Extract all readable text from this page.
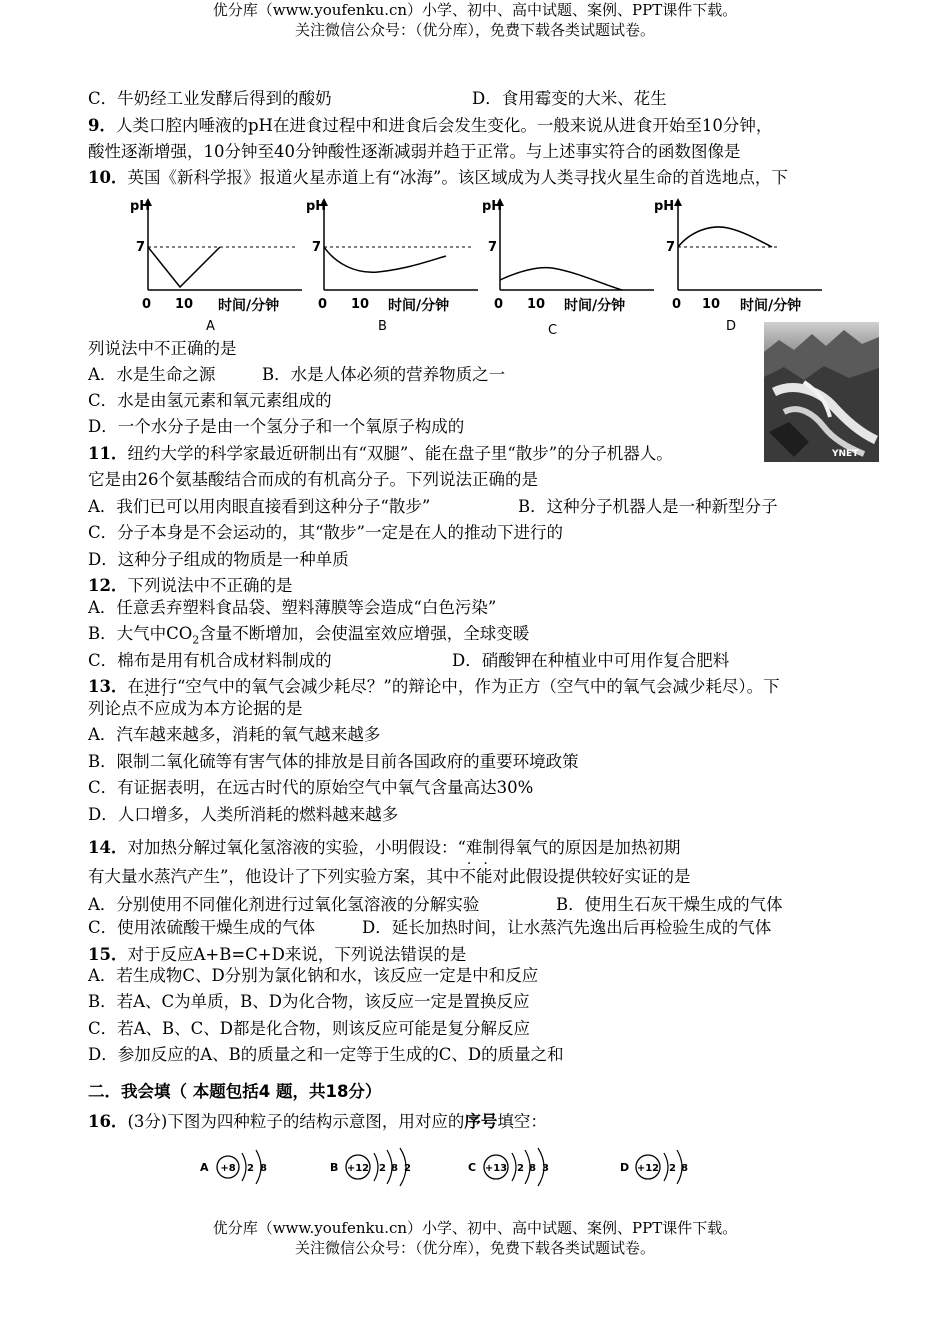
优分库（www.youfenku.cn）小学、初中、高中试题、案例、PPT课件下载。
关注微信公众号：（优分库），免费下载各类试题试卷。
C．牛奶经工业发酵后得到的酸奶	D．食用霉变的大米、花生
9．人类口腔内唾液的pH在进食过程中和进食后会发生变化。一般来说从进食开始至10分钟，
酸性逐渐增强，10分钟至40分钟酸性逐渐减弱并趋于正常。与上述事实符合的函数图像是
10．英国《新科学报》报道火星赤道上有“冰海”。该区域成为人类寻找火星生命的首选地点，下
pH
7
0 10 时间/分钟
A
pH
7
0 10 时间/分钟
B
pH
7
0 10 时间/分钟
C
pH
7
0 10 时间/分钟
D
YNET
列说法中不正确的是
A．水是生命之源	B．水是人体必须的营养物质之一
C．水是由氢元素和氧元素组成的
D．一个水分子是由一个氢分子和一个氧原子构成的
11．纽约大学的科学家最近研制出有“双腿”、能在盘子里“散步”的分子机器人。
它是由26个氨基酸结合而成的有机高分子。下列说法正确的是
A．我们已可以用肉眼直接看到这种分子“散步”	B．这种分子机器人是一种新型分子
C．分子本身是不会运动的，其“散步”一定是在人的推动下进行的
D．这种分子组成的物质是一种单质
12．下列说法中不正确的是
A．任意丢弃塑料食品袋、塑料薄膜等会造成“白色污染”
B．大气中$CO_2$含量不断增加，会使温室效应增强，全球变暖
C．棉布是用有机合成材料制成的	D．硝酸钾在种植业中可用作复合肥料
13．在进行“空气中的氧气会减少耗尽？”的辩论中，作为正方（空气中的氧气会减少耗尽）。下
列论点不应成为本方论据的是
A．汽车越来越多，消耗的氧气越来越多
B．限制二氧化硫等有害气体的排放是目前各国政府的重要环境政策
C．有证据表明，在远古时代的原始空气中氧气含量高达30%
D．人口增多，人类所消耗的燃料越来越多
14．对加热分解过氧化氢溶液的实验，小明假设：“难制得氧气的原因是加热初期
有大量水蒸汽产生”，他设计了下列实验方案，其中不能对此假设提供较好实证的是
A．分别使用不同催化剂进行过氧化氢溶液的分解实验	B．使用生石灰干燥生成的气体
C．使用浓硫酸干燥生成的气体	D．延长加热时间，让水蒸汽先逸出后再检验生成的气体
15．对于反应A+B=C+D来说，下列说法错误的是
A．若生成物C、D分别为氯化钠和水，该反应一定是中和反应
B．若A、C为单质，B、D为化合物，该反应一定是置换反应
C．若A、B、C、D都是化合物，则该反应可能是复分解反应
D．参加反应的A、B的质量之和一定等于生成的C、D的质量之和
二．我会填（ 本题包括4 题，共18分）
16．(3分)下图为四种粒子的结构示意图，用对应的序号填空：
A +8 2 8	B +12 2 8 2	C +13 2 8 3	D +12 2 8
优分库（www.youfenku.cn）小学、初中、高中试题、案例、PPT课件下载。
关注微信公众号：（优分库），免费下载各类试题试卷。
